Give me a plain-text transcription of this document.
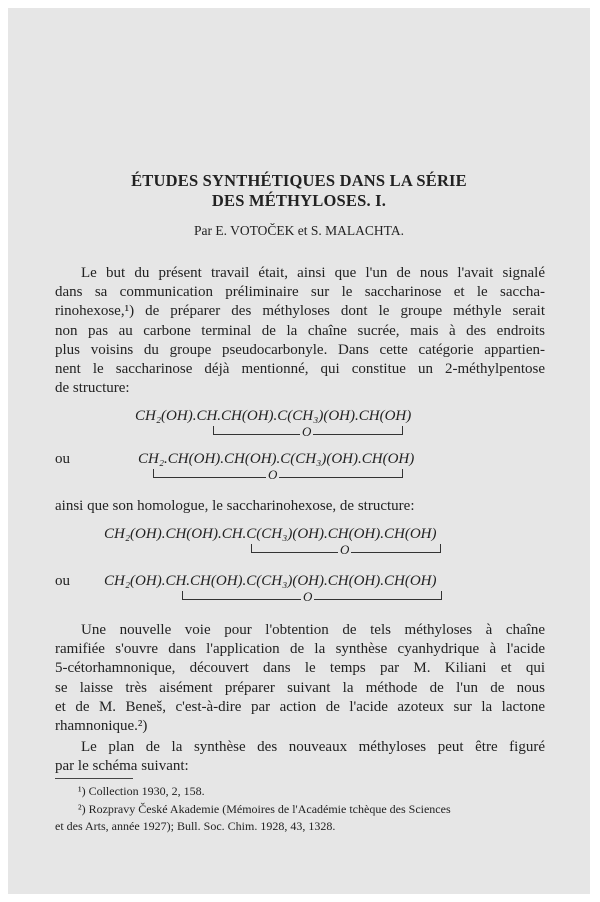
ÉTUDES SYNTHÉTIQUES DANS LA SÉRIE
DES MÉTHYLOSES. I.
Par E. VOTOČEK et S. MALACHTA.
Le but du présent travail était, ainsi que l'un de nous l'avait signalé
dans sa communication préliminaire sur le saccharinose et le saccha-
rinohexose,¹) de préparer des méthyloses dont le groupe méthyle serait
non pas au carbone terminal de la chaîne sucrée, mais à des endroits
plus voisins du groupe pseudocarbonyle. Dans cette catégorie appartien-
nent le saccharinose déjà mentionné, qui constitue un 2-méthylpentose
de structure:
CH₂(OH).CH.CH(OH).C(CH₃)(OH).CH(OH)
O
ou	CH₂.CH(OH).CH(OH).C(CH₃)(OH).CH(OH)
O
ainsi que son homologue, le saccharinohexose, de structure:
CH₂(OH).CH(OH).CH.C(CH₃)(OH).CH(OH).CH(OH)
O
ou CH₂(OH).CH.CH(OH).C(CH₃)(OH).CH(OH).CH(OH)
O
Une nouvelle voie pour l'obtention de tels méthyloses à chaîne
ramifiée s'ouvre dans l'application de la synthèse cyanhydrique à l'acide
5-cétorhamnonique, découvert dans le temps par M. Kiliani et qui
se laisse très aisément préparer suivant la méthode de l'un de nous
et de M. Beneš, c'est-à-dire par action de l'acide azoteux sur la lactone
rhamnonique.²)
Le plan de la synthèse des nouveaux méthyloses peut être figuré
par le schéma suivant:
¹) Collection 1930, 2, 158.
²) Rozpravy České Akademie (Mémoires de l'Académie tchèque des Sciences
et des Arts, année 1927); Bull. Soc. Chim. 1928, 43, 1328.
